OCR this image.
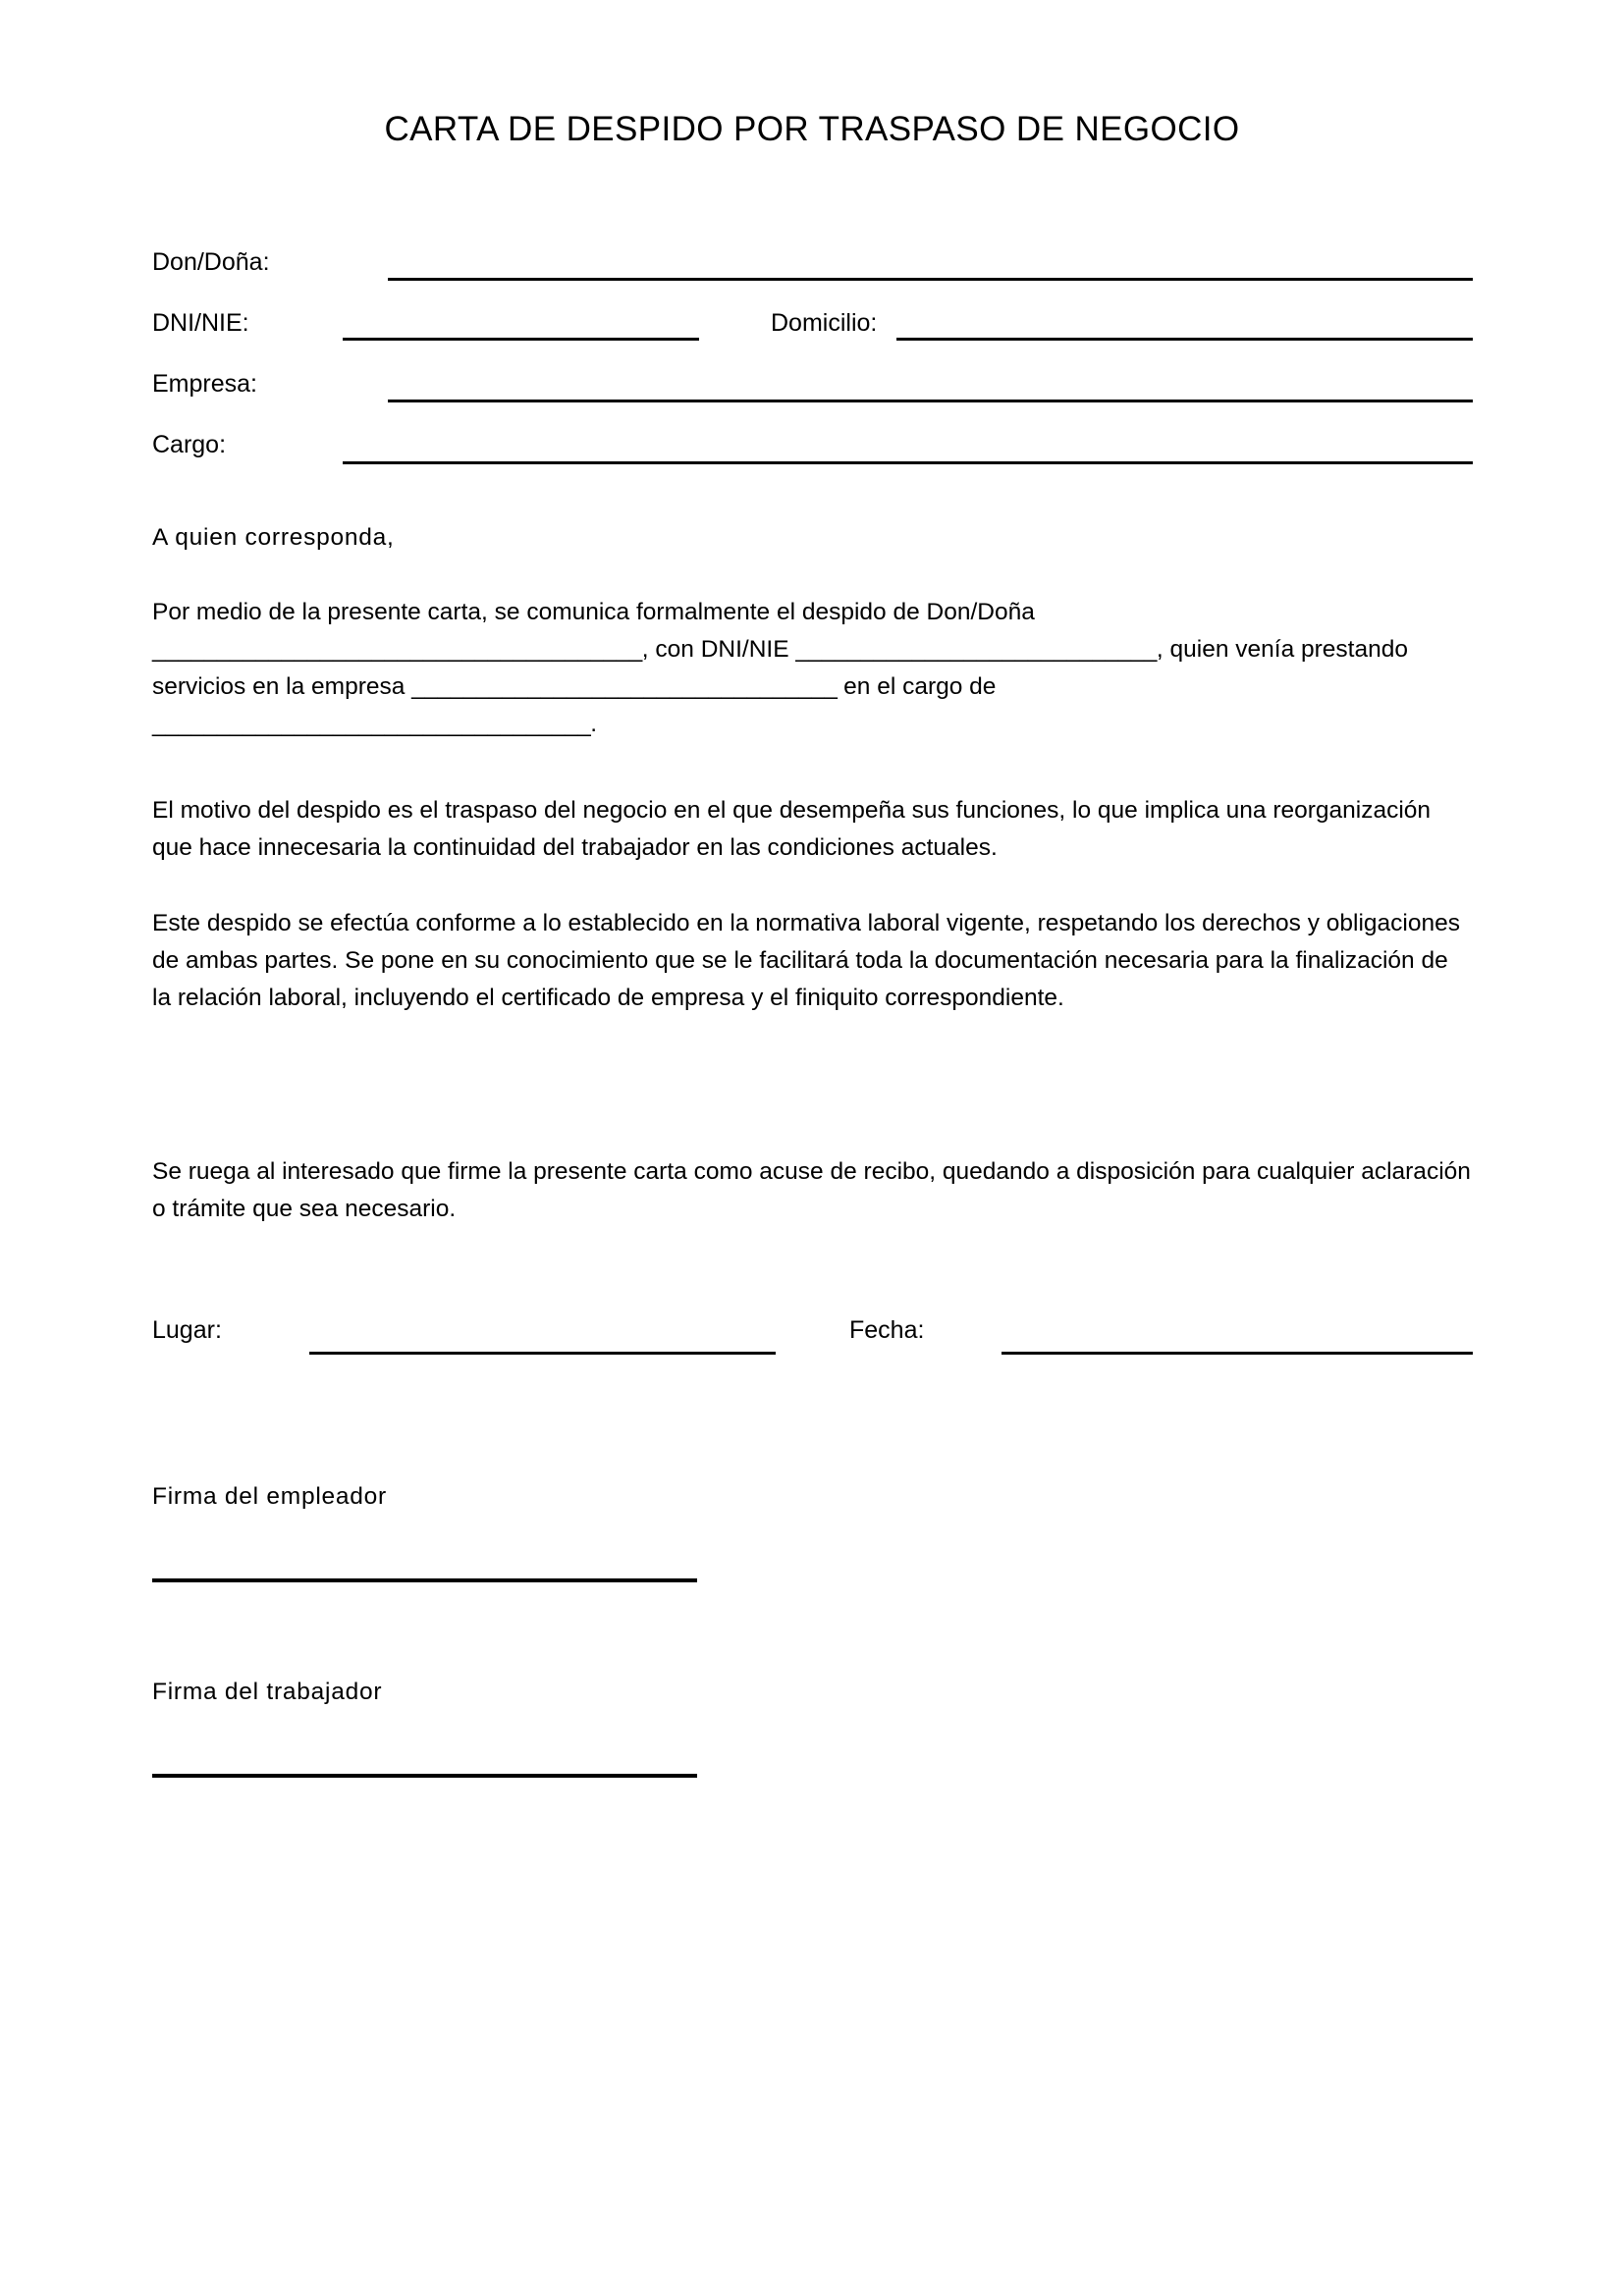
CARTA DE DESPIDO POR TRASPASO DE NEGOCIO
Don/Doña:
DNI/NIE:	Domicilio:
Empresa:
Cargo:
A quien corresponda,
Por medio de la presente carta, se comunica formalmente el despido de Don/Doña
______________________________________, con DNI/NIE ____________________________, quien venía prestando servicios en la empresa _________________________________ en el cargo de
__________________________________.
El motivo del despido es el traspaso del negocio en el que desempeña sus funciones, lo que implica una reorganización que hace innecesaria la continuidad del trabajador en las condiciones actuales.
Este despido se efectúa conforme a lo establecido en la normativa laboral vigente, respetando los derechos y obligaciones de ambas partes. Se pone en su conocimiento que se le facilitará toda la documentación necesaria para la finalización de la relación laboral, incluyendo el certificado de empresa y el finiquito correspondiente.
Se ruega al interesado que firme la presente carta como acuse de recibo, quedando a disposición para cualquier aclaración o trámite que sea necesario.
Lugar:	Fecha:
Firma del empleador
Firma del trabajador
